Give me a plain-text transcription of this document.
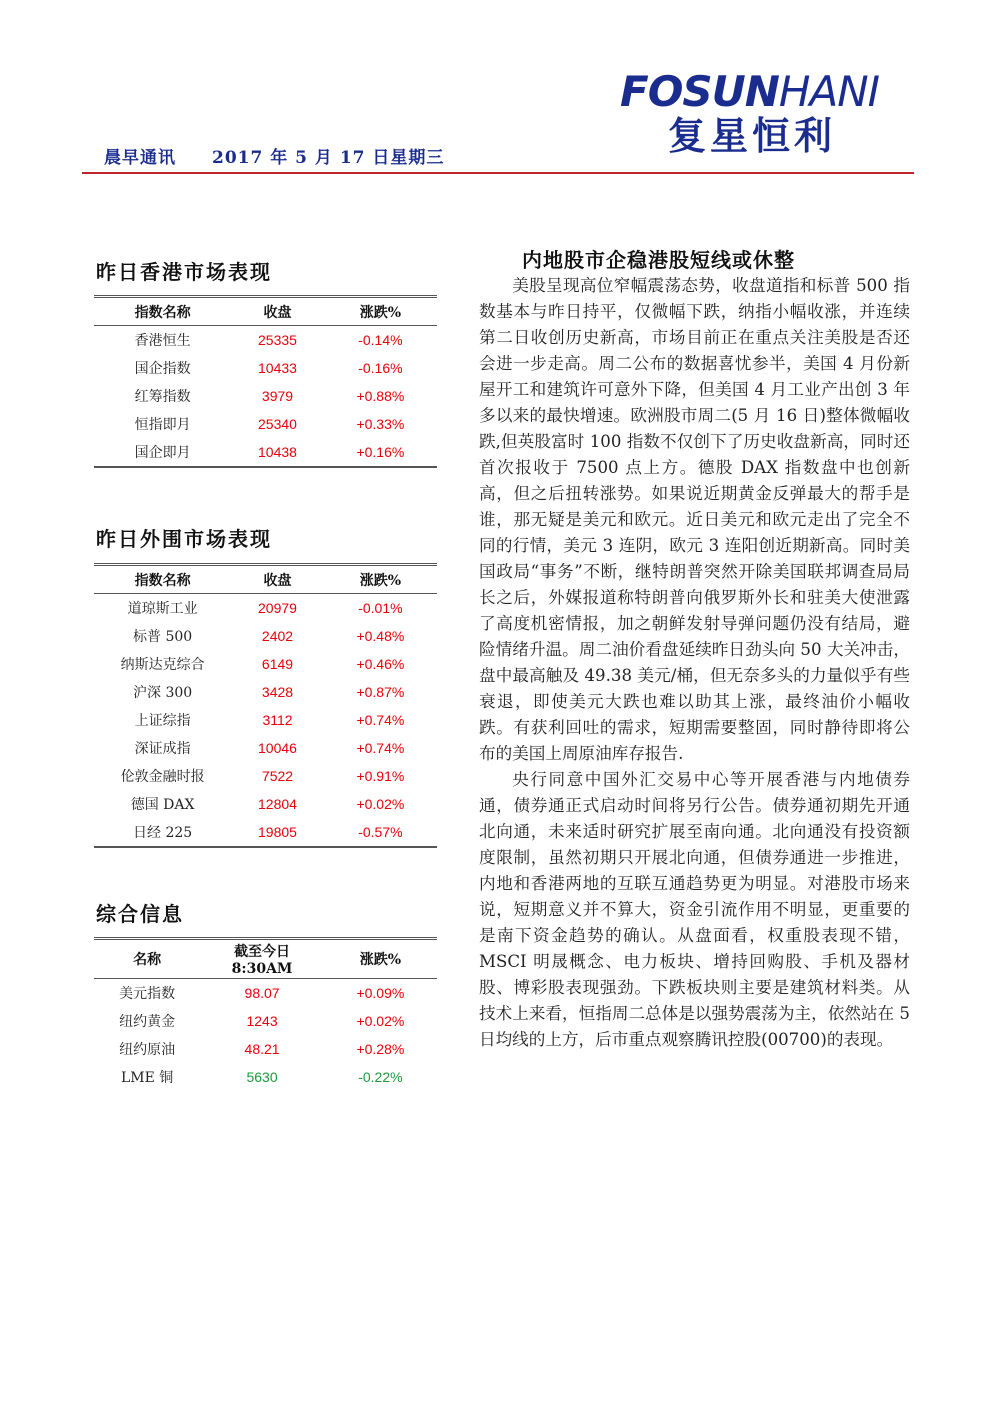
晨早通讯 2017 年 5 月 17 日星期三
FOSUNHANI
复星恒利
昨日香港市场表现
指数名称	收盘	涨跌%
香港恒生	25335	-0.14%
国企指数	10433	-0.16%
红筹指数	3979	+0.88%
恒指即月	25340	+0.33%
国企即月	10438	+0.16%
昨日外围市场表现
指数名称	收盘	涨跌%
道琼斯工业	20979	-0.01%
标普 500	2402	+0.48%
纳斯达克综合	6149	+0.46%
沪深 300	3428	+0.87%
上证综指	3112	+0.74%
深证成指	10046	+0.74%
伦敦金融时报	7522	+0.91%
德国 DAX	12804	+0.02%
日经 225	19805	-0.57%
综合信息
名称	截至今日 8:30AM	涨跌%
美元指数	98.07	+0.09%
纽约黄金	1243	+0.02%
纽约原油	48.21	+0.28%
LME 铜	5630	-0.22%
内地股市企稳港股短线或休整

美股呈现高位窄幅震荡态势，收盘道指和标普 500 指数基本与昨日持平，仅微幅下跌，纳指小幅收涨，并连续第二日收创历史新高，市场目前正在重点关注美股是否还会进一步走高。周二公布的数据喜忧参半，美国 4 月份新屋开工和建筑许可意外下降，但美国 4 月工业产出创 3 年多以来的最快增速。欧洲股市周二(5 月 16 日)整体微幅收跌,但英股富时 100 指数不仅创下了历史收盘新高，同时还首次报收于 7500 点上方。德股 DAX 指数盘中也创新高，但之后扭转涨势。如果说近期黄金反弹最大的帮手是谁，那无疑是美元和欧元。近日美元和欧元走出了完全不同的行情，美元 3 连阴，欧元 3 连阳创近期新高。同时美国政局“事务”不断，继特朗普突然开除美国联邦调查局局长之后，外媒报道称特朗普向俄罗斯外长和驻美大使泄露了高度机密情报，加之朝鲜发射导弹问题仍没有结局，避险情绪升温。周二油价看盘延续昨日劲头向 50 大关冲击，盘中最高触及 49.38 美元/桶，但无奈多头的力量似乎有些衰退，即使美元大跌也难以助其上涨，最终油价小幅收跌。有获利回吐的需求，短期需要整固，同时静待即将公布的美国上周原油库存报告.

央行同意中国外汇交易中心等开展香港与内地债券通，债券通正式启动时间将另行公告。债券通初期先开通北向通，未来适时研究扩展至南向通。北向通没有投资额度限制，虽然初期只开展北向通，但债券通进一步推进，内地和香港两地的互联互通趋势更为明显。对港股市场来说，短期意义并不算大，资金引流作用不明显，更重要的是南下资金趋势的确认。从盘面看，权重股表现不错，MSCI 明晟概念、电力板块、增持回购股、手机及器材股、博彩股表现强劲。下跌板块则主要是建筑材料类。从技术上来看，恒指周二总体是以强势震荡为主，依然站在 5 日均线的上方，后市重点观察腾讯控股(00700)的表现。
